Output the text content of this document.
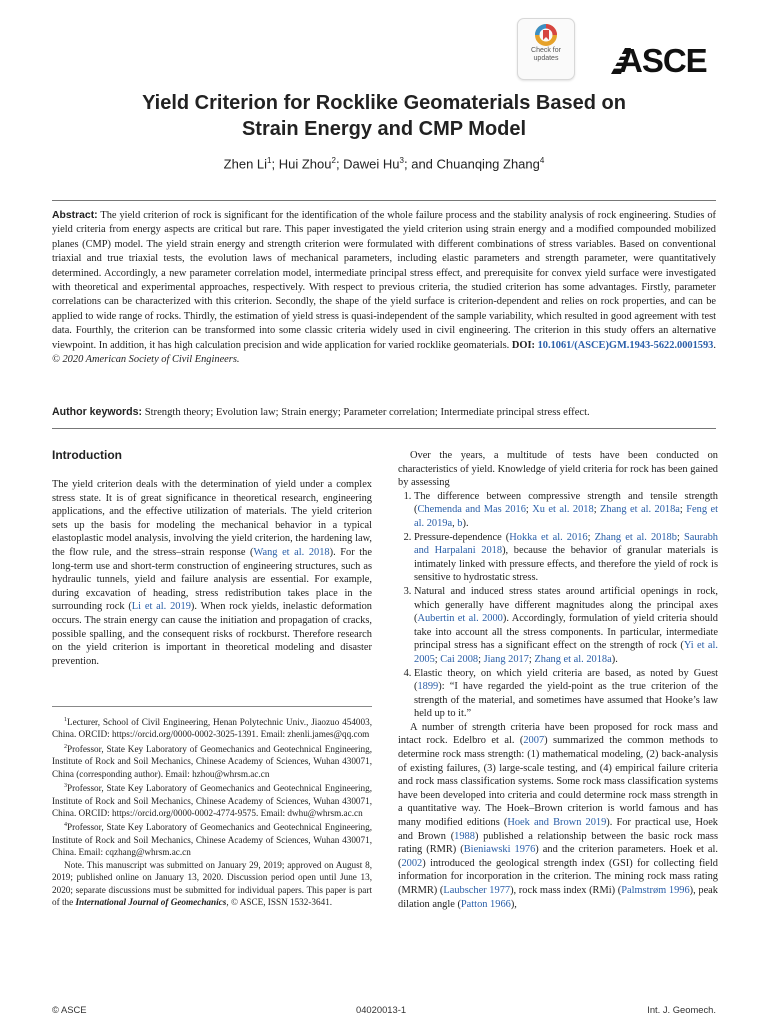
Check for
updates	ASCE
Yield Criterion for Rocklike Geomaterials Based on
Strain Energy and CMP Model
Zhen Li$^1$; Hui Zhou$^2$; Dawei Hu$^3$; and Chuanqing Zhang$^4$
Abstract: The yield criterion of rock is significant for the identification of the whole failure process and the stability analysis of rock engineering. Studies of yield criteria from energy aspects are critical but rare. This paper investigated the yield criterion using strain energy and a modified compounded mobilized planes (CMP) model. The yield strain energy and strength criterion were formulated with different combinations of stress variables. Based on conventional triaxial and true triaxial tests, the evolution laws of mechanical parameters, including elastic parameters and strength parameter, were quantitatively determined. Accordingly, a new parameter correlation model, intermediate principal stress effect, and prerequisite for convex yield surface were investigated with theoretical and experimental approaches, respectively. With respect to previous criteria, the studied criterion has some advantages. Firstly, parameter correlations can be characterized with this criterion. Secondly, the shape of the yield surface is criterion-dependent and relies on rock properties, and can be applied to wide range of rocks. Thirdly, the estimation of yield stress is quasi-independent of the sample variability, which resulted in good agreement with test data. Fourthly, the criterion can be transformed into some classic criteria widely used in civil engineering. The criterion in this study offers an alternative viewpoint. In addition, it has high calculation precision and wide application for varied rocklike geomaterials. DOI: 10.1061/(ASCE)GM.1943-5622.0001593. © 2020 American Society of Civil Engineers.
Author keywords: Strength theory; Evolution law; Strain energy; Parameter correlation; Intermediate principal stress effect.
Introduction

The yield criterion deals with the determination of yield under a complex stress state. It is of great significance in theoretical research, engineering applications, and the effective utilization of materials. The yield criterion sets up the basis for modeling the mechanical behavior in a typical elastoplastic model analysis, involving the yield criterion, the hardening law, the flow rule, and the stress–strain response (Wang et al. 2018). For the long-term use and short-term construction of engineering structures, such as hydraulic tunnels, yield and failure analysis are essential. For example, during excavation of heading, stress redistribution takes place in the surrounding rock (Li et al. 2019). When rock yields, inelastic deformation occurs. The strain energy can cause the initiation and propagation of cracks, possible spalling, and the consequent risks of rockburst. Therefore research on the yield criterion is important in theoretical modeling and disaster prevention.

$^1$Lecturer, School of Civil Engineering, Henan Polytechnic Univ., Jiaozuo 454003, China. ORCID: https://orcid.org/0000-0002-3025-1391. Email: zhenli.james@qq.com

$^2$Professor, State Key Laboratory of Geomechanics and Geotechnical Engineering, Institute of Rock and Soil Mechanics, Chinese Academy of Sciences, Wuhan 430071, China (corresponding author). Email: hzhou@whrsm.ac.cn

$^3$Professor, State Key Laboratory of Geomechanics and Geotechnical Engineering, Institute of Rock and Soil Mechanics, Chinese Academy of Sciences, Wuhan 430071, China. ORCID: https://orcid.org/0000-0002-4774-9575. Email: dwhu@whrsm.ac.cn

$^4$Professor, State Key Laboratory of Geomechanics and Geotechnical Engineering, Institute of Rock and Soil Mechanics, Chinese Academy of Sciences, Wuhan 430071, China. Email: cqzhang@whrsm.ac.cn

Note. This manuscript was submitted on January 29, 2019; approved on August 8, 2019; published online on January 13, 2020. Discussion period open until June 13, 2020; separate discussions must be submitted for individual papers. This paper is part of the International Journal of Geomechanics, © ASCE, ISSN 1532-3641.

Over the years, a multitude of tests have been conducted on characteristics of yield. Knowledge of yield criteria for rock has been gained by assessing

1. The difference between compressive strength and tensile strength (Chemenda and Mas 2016; Xu et al. 2018; Zhang et al. 2018a; Feng et al. 2019a, b).
2. Pressure-dependence (Hokka et al. 2016; Zhang et al. 2018b; Saurabh and Harpalani 2018), because the behavior of granular materials is intimately linked with pressure effects, and therefore the yield of rock is sensitive to hydrostatic stress.
3. Natural and induced stress states around artificial openings in rock, which generally have different magnitudes along the principal axes (Aubertin et al. 2000). Accordingly, formulation of yield criteria should take into account all the stress components. In particular, intermediate principal stress has a significant effect on the strength of rock (Yi et al. 2005; Cai 2008; Jiang 2017; Zhang et al. 2018a).
4. Elastic theory, on which yield criteria are based, as noted by Guest (1899): “I have regarded the yield-point as the true criterion of the strength of the material, and sometimes have assumed that Hooke’s law held up to it.”

A number of strength criteria have been proposed for rock mass and intact rock. Edelbro et al. (2007) summarized the common methods to determine rock mass strength: (1) mathematical modeling, (2) back-analysis of existing failures, (3) large-scale testing, and (4) empirical failure criteria and rock mass classification systems. Some rock mass classification systems have been developed into criteria and could determine rock mass strength in a quantitative way. The Hoek–Brown criterion is world famous and has many modified editions (Hoek and Brown 2019). For practical use, Hoek and Brown (1988) published a relationship between the basic rock mass rating (RMR) (Bieniawski 1976) and the criterion parameters. Hoek et al. (2002) introduced the geological strength index (GSI) for collecting field information for incorporation in the criterion. The mining rock mass rating (MRMR) (Laubscher 1977), rock mass index (RMi) (Palmstrøm 1996), peak dilation angle (Patton 1966),

© ASCE	04020013-1	Int. J. Geomech.
